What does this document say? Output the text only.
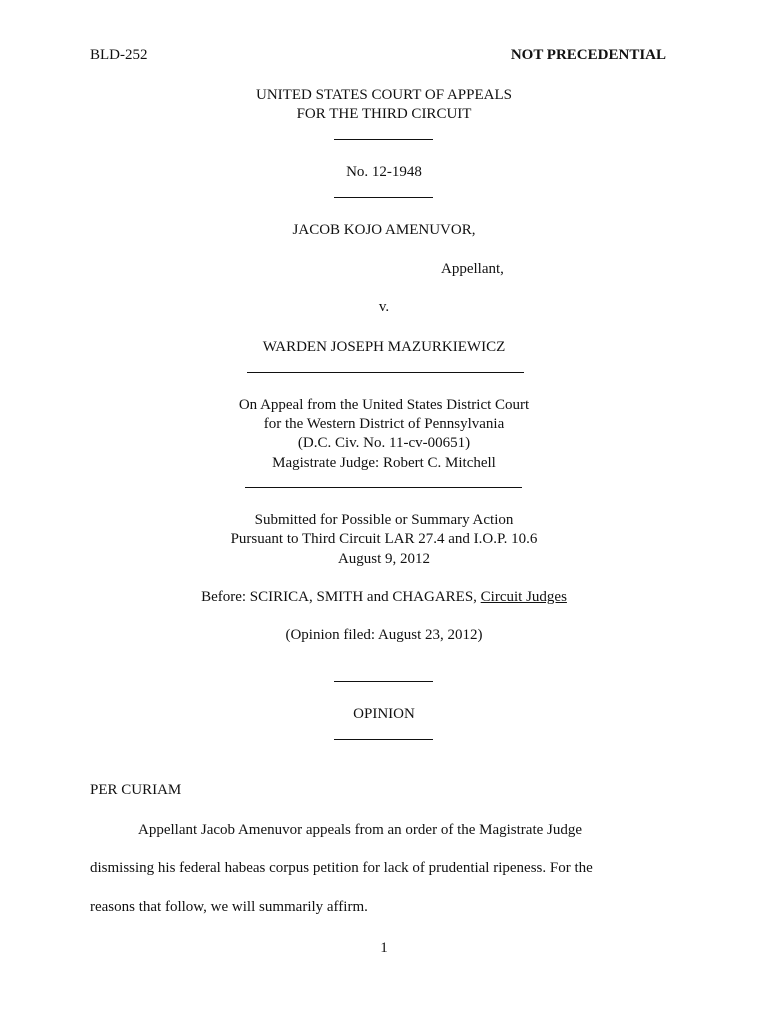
BLD-252	NOT PRECEDENTIAL
UNITED STATES COURT OF APPEALS
FOR THE THIRD CIRCUIT
No. 12-1948
JACOB KOJO AMENUVOR,
Appellant,
v.
WARDEN JOSEPH MAZURKIEWICZ
On Appeal from the United States District Court
for the Western District of Pennsylvania
(D.C. Civ. No. 11-cv-00651)
Magistrate Judge: Robert C. Mitchell
Submitted for Possible or Summary Action
Pursuant to Third Circuit LAR 27.4 and I.O.P. 10.6
August 9, 2012
Before: SCIRICA, SMITH and CHAGARES, Circuit Judges
(Opinion filed: August 23, 2012)
OPINION
PER CURIAM
Appellant Jacob Amenuvor appeals from an order of the Magistrate Judge
dismissing his federal habeas corpus petition for lack of prudential ripeness. For the
reasons that follow, we will summarily affirm.
1
